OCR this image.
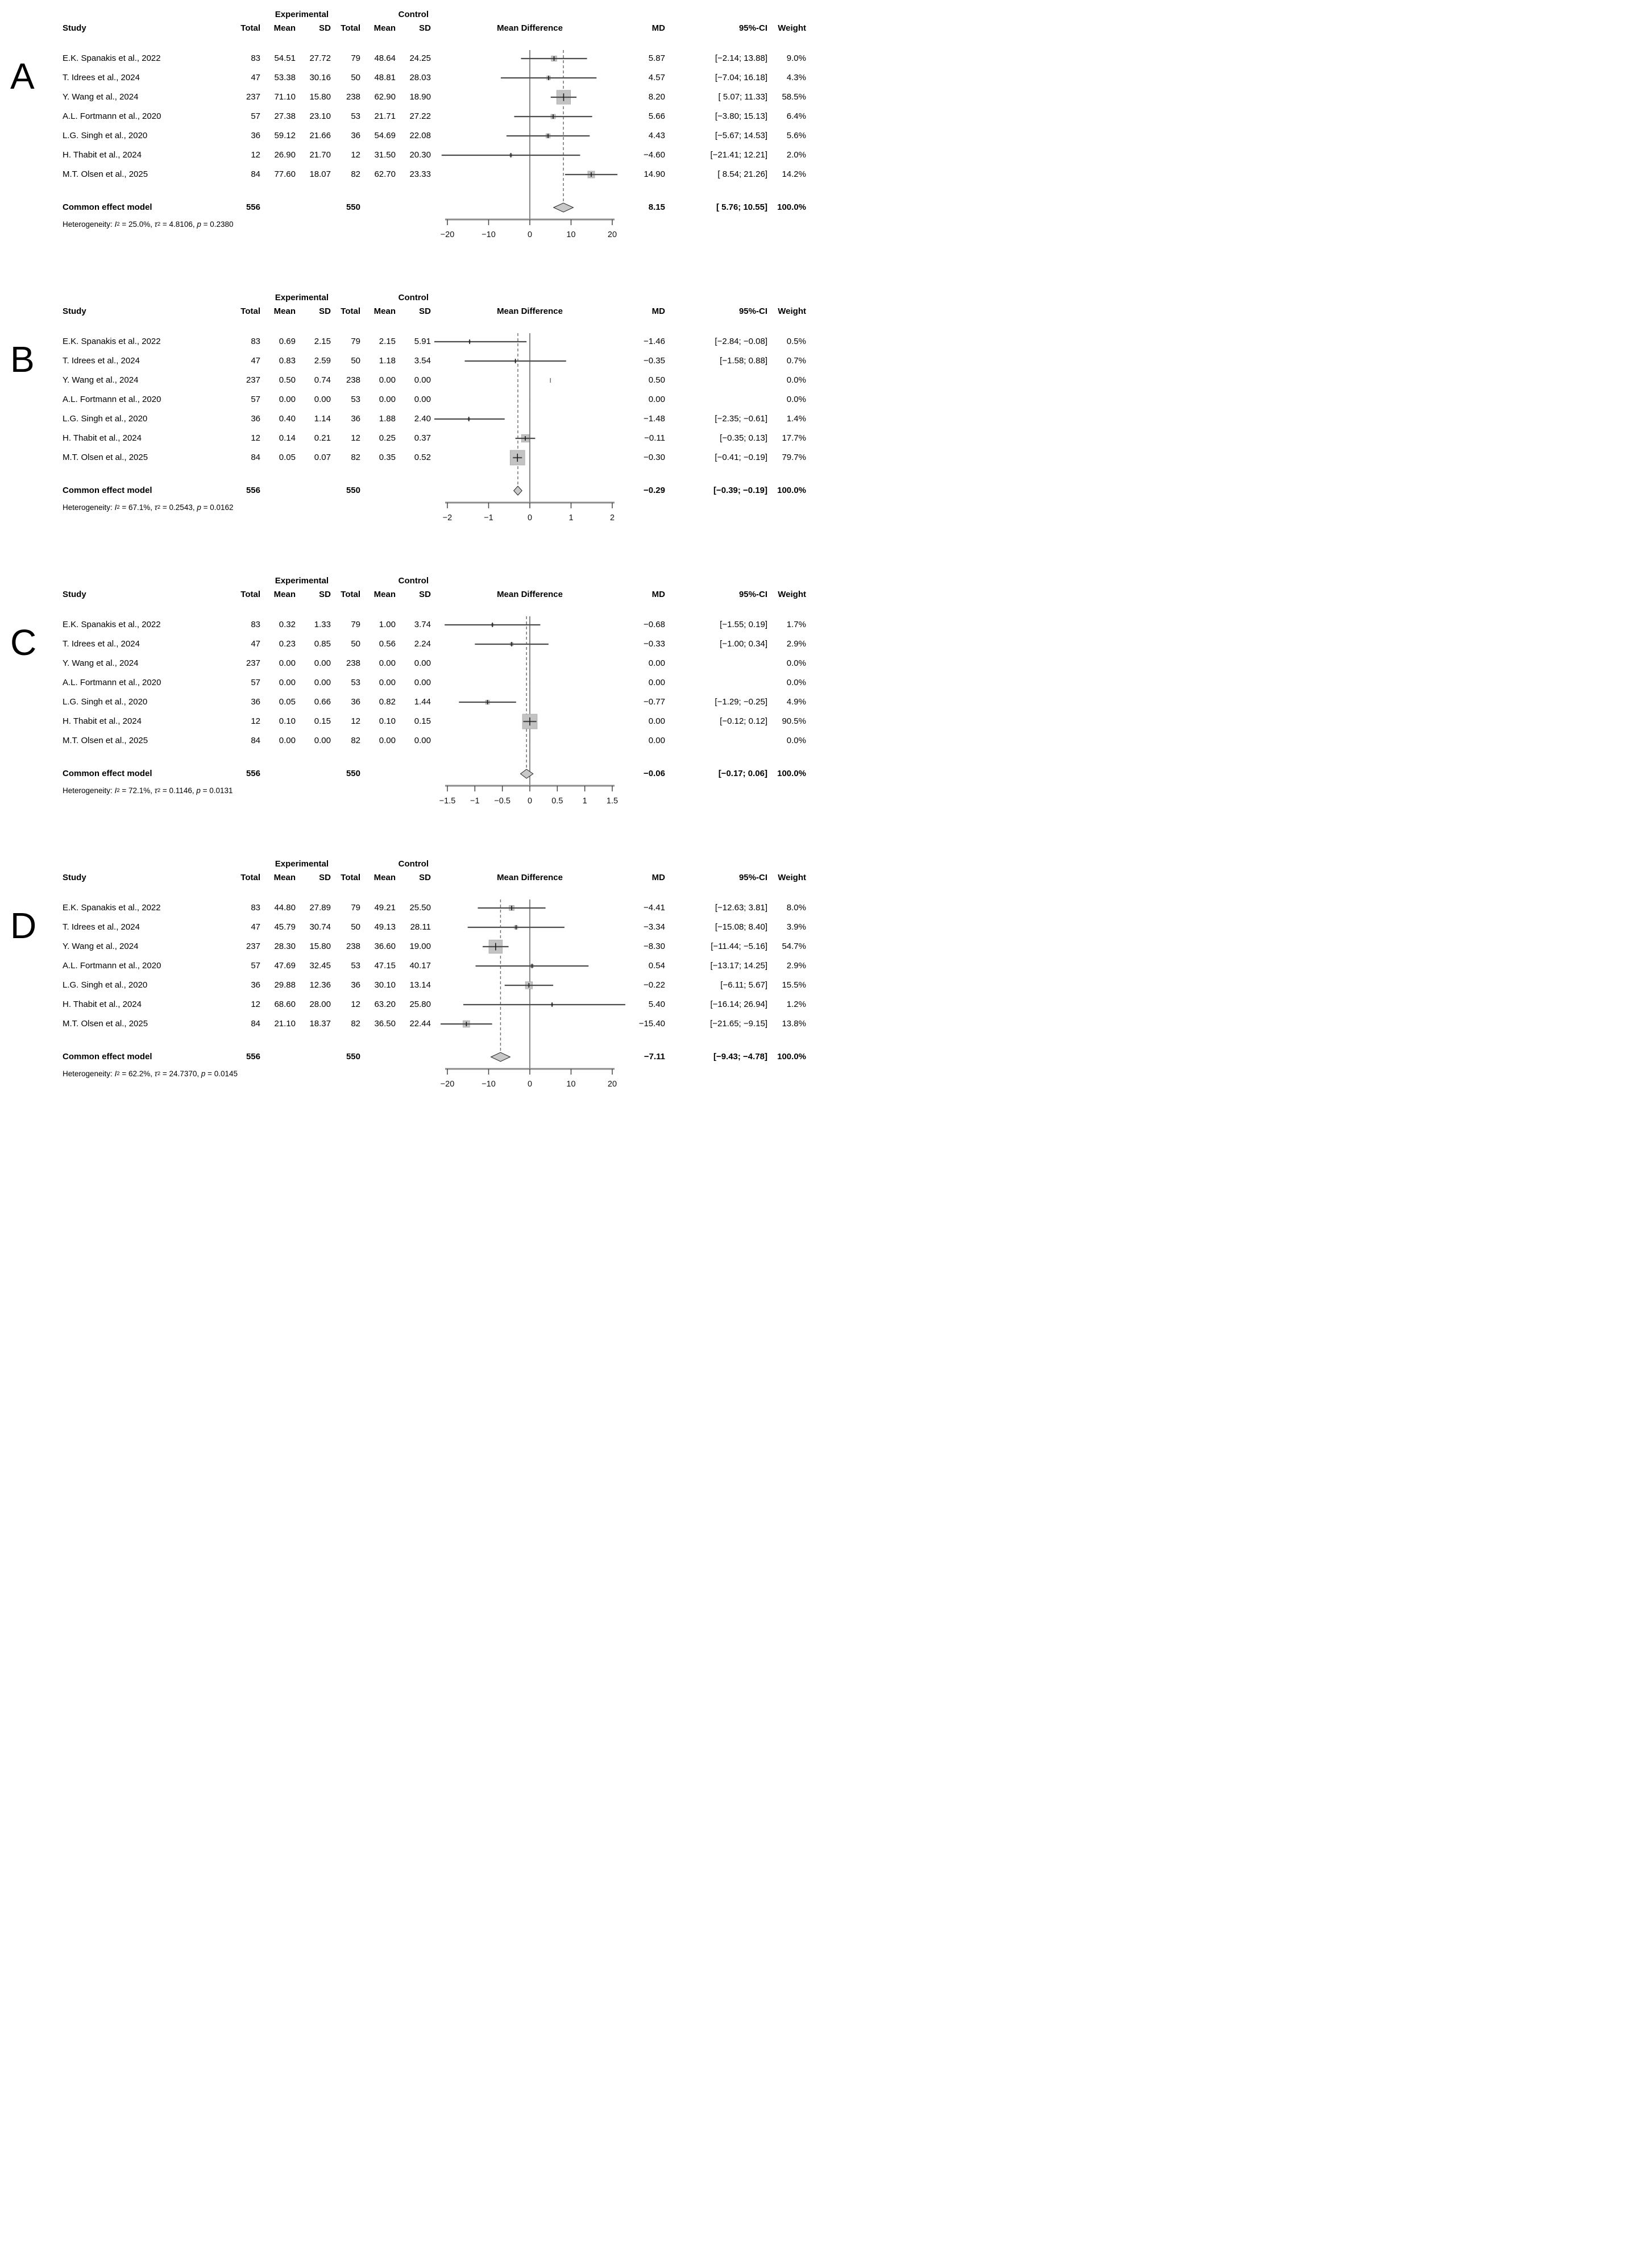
A
Experimental	Control
Study	Total	Mean	SD	Total	Mean	SD	Mean Difference	MD	95%-CI	Weight
E.K. Spanakis et al., 2022	83	54.51	27.72	79	48.64	24.25	5.87	[−2.14; 13.88]	9.0%
T. Idrees et al., 2024	47	53.38	30.16	50	48.81	28.03	4.57	[−7.04; 16.18]	4.3%
Y. Wang et al., 2024	237	71.10	15.80	238	62.90	18.90	8.20	[ 5.07; 11.33]	58.5%
A.L. Fortmann et al., 2020	57	27.38	23.10	53	21.71	27.22	5.66	[−3.80; 15.13]	6.4%
L.G. Singh et al., 2020	36	59.12	21.66	36	54.69	22.08	4.43	[−5.67; 14.53]	5.6%
H. Thabit et al., 2024	12	26.90	21.70	12	31.50	20.30	−4.60	[−21.41; 12.21]	2.0%
M.T. Olsen et al., 2025	84	77.60	18.07	82	62.70	23.33	14.90	[ 8.54; 21.26]	14.2%
Common effect model	556	550	8.15	[ 5.76; 10.55]	100.0%
Heterogeneity: I 2 = 25.0%, τ 2 = 4.8106, p = 0.2380
−20	−10	0	10	20
B
Experimental	Control
Study	Total	Mean	SD	Total	Mean	SD	Mean Difference	MD	95%-CI	Weight
E.K. Spanakis et al., 2022	83	0.69	2.15	79	2.15	5.91	−1.46	[−2.84; −0.08]	0.5%
T. Idrees et al., 2024	47	0.83	2.59	50	1.18	3.54	−0.35	[−1.58; 0.88]	0.7%
Y. Wang et al., 2024	237	0.50	0.74	238	0.00	0.00	0.50	0.0%
A.L. Fortmann et al., 2020	57	0.00	0.00	53	0.00	0.00	0.00	0.0%
L.G. Singh et al., 2020	36	0.40	1.14	36	1.88	2.40	−1.48	[−2.35; −0.61]	1.4%
H. Thabit et al., 2024	12	0.14	0.21	12	0.25	0.37	−0.11	[−0.35; 0.13]	17.7%
M.T. Olsen et al., 2025	84	0.05	0.07	82	0.35	0.52	−0.30	[−0.41; −0.19]	79.7%
Common effect model	556	550	−0.29	[−0.39; −0.19]	100.0%
Heterogeneity: I 2 = 67.1%, τ 2 = 0.2543, p = 0.0162
−2	−1	0	1	2
C
Experimental	Control
Study	Total	Mean	SD	Total	Mean	SD	Mean Difference	MD	95%-CI	Weight
E.K. Spanakis et al., 2022	83	0.32	1.33	79	1.00	3.74	−0.68	[−1.55; 0.19]	1.7%
T. Idrees et al., 2024	47	0.23	0.85	50	0.56	2.24	−0.33	[−1.00; 0.34]	2.9%
Y. Wang et al., 2024	237	0.00	0.00	238	0.00	0.00	0.00	0.0%
A.L. Fortmann et al., 2020	57	0.00	0.00	53	0.00	0.00	0.00	0.0%
L.G. Singh et al., 2020	36	0.05	0.66	36	0.82	1.44	−0.77	[−1.29; −0.25]	4.9%
H. Thabit et al., 2024	12	0.10	0.15	12	0.10	0.15	0.00	[−0.12; 0.12]	90.5%
M.T. Olsen et al., 2025	84	0.00	0.00	82	0.00	0.00	0.00	0.0%
Common effect model	556	550	−0.06	[−0.17; 0.06]	100.0%
Heterogeneity: I 2 = 72.1%, τ 2 = 0.1146, p = 0.0131
−1.5 −1 −0.5 0 0.5 1 1.5
D
Experimental	Control
Study	Total	Mean	SD	Total	Mean	SD	Mean Difference	MD	95%-CI	Weight
E.K. Spanakis et al., 2022	83	44.80	27.89	79	49.21	25.50	−4.41	[−12.63; 3.81]	8.0%
T. Idrees et al., 2024	47	45.79	30.74	50	49.13	28.11	−3.34	[−15.08; 8.40]	3.9%
Y. Wang et al., 2024	237	28.30	15.80	238	36.60	19.00	−8.30	[−11.44; −5.16]	54.7%
A.L. Fortmann et al., 2020	57	47.69	32.45	53	47.15	40.17	0.54	[−13.17; 14.25]	2.9%
L.G. Singh et al., 2020	36	29.88	12.36	36	30.10	13.14	−0.22	[−6.11; 5.67]	15.5%
H. Thabit et al., 2024	12	68.60	28.00	12	63.20	25.80	5.40	[−16.14; 26.94]	1.2%
M.T. Olsen et al., 2025	84	21.10	18.37	82	36.50	22.44	−15.40	[−21.65; −9.15]	13.8%
Common effect model	556	550	−7.11	[−9.43; −4.78]	100.0%
Heterogeneity: I 2 = 62.2%, τ 2 = 24.7370, p = 0.0145
−20	−10	0	10	20
